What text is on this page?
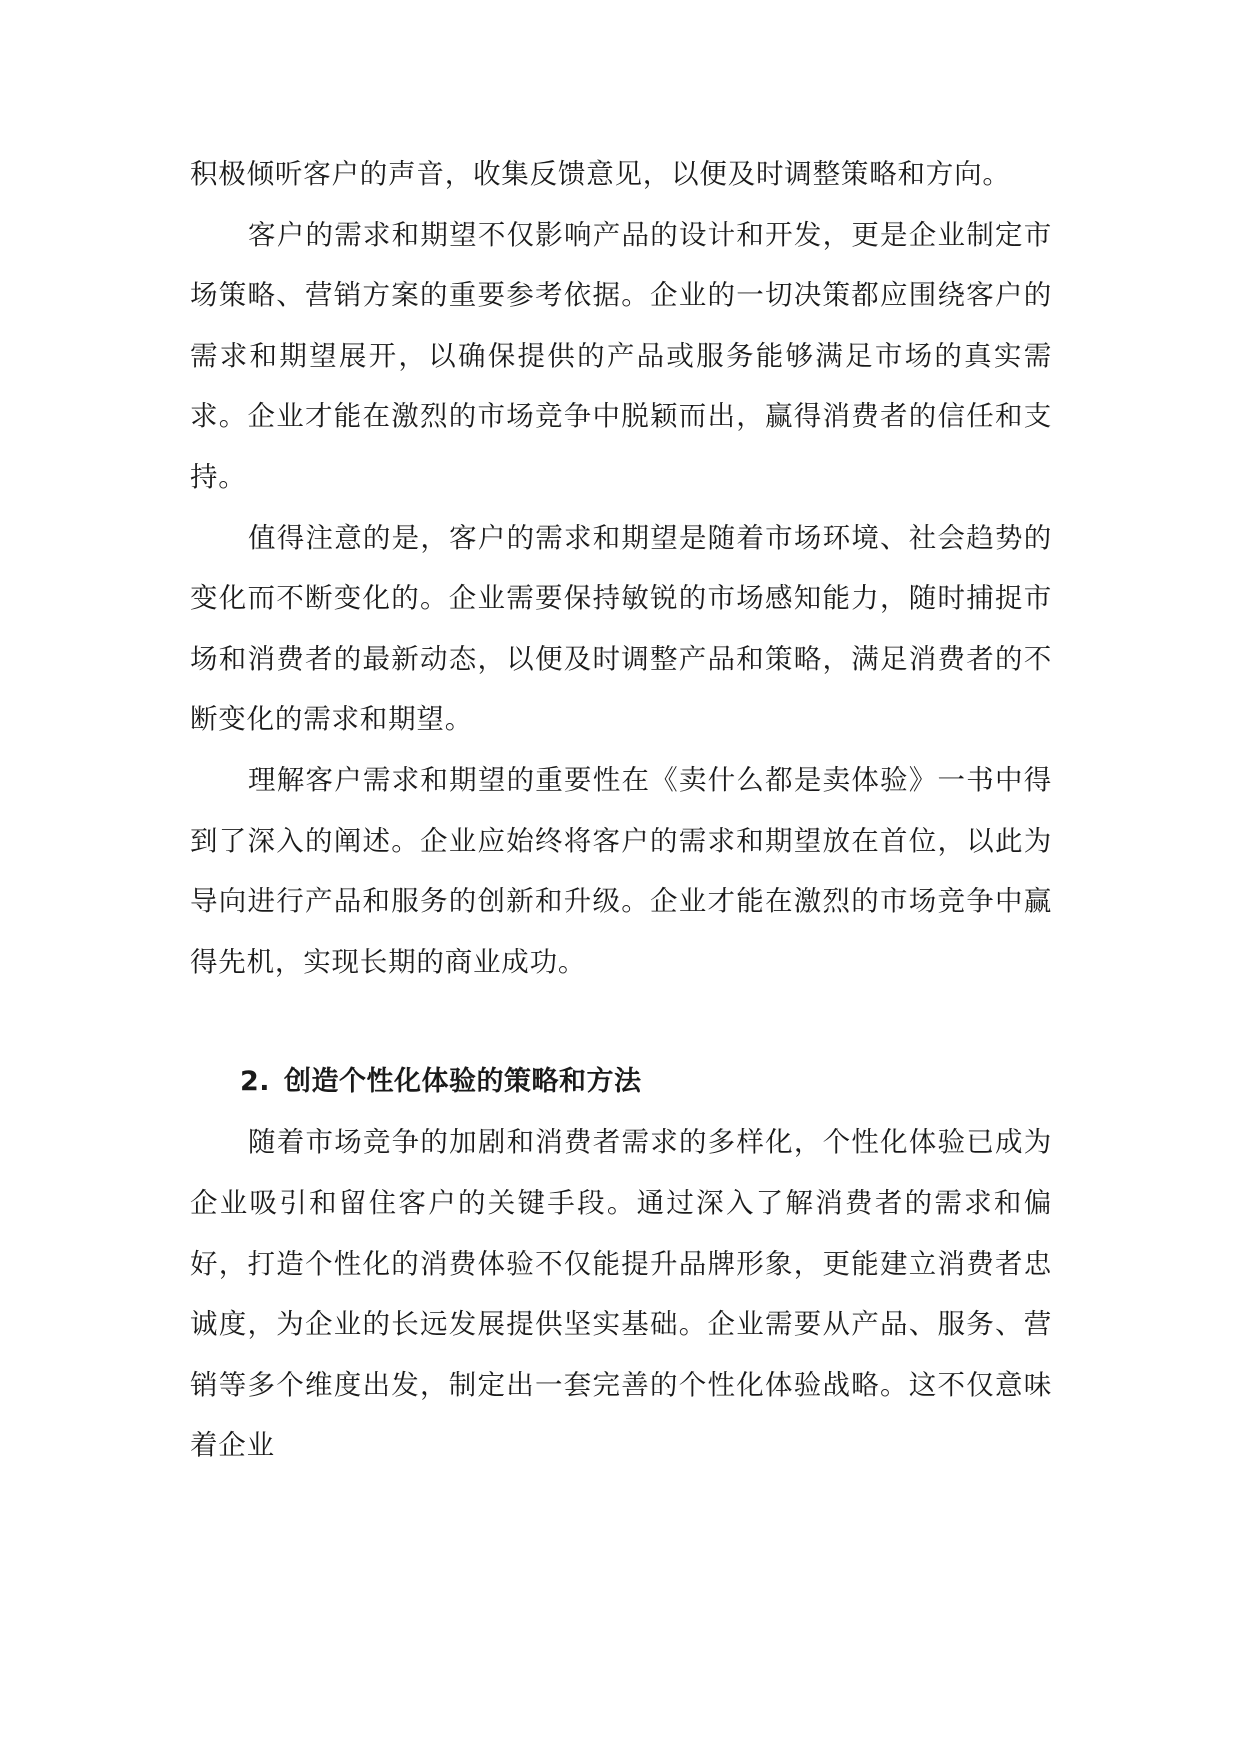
积极倾听客户的声音，收集反馈意见，以便及时调整策略和方向。

客户的需求和期望不仅影响产品的设计和开发，更是企业制定市场策略、营销方案的重要参考依据。企业的一切决策都应围绕客户的需求和期望展开，以确保提供的产品或服务能够满足市场的真实需求。企业才能在激烈的市场竞争中脱颖而出，赢得消费者的信任和支持。

值得注意的是，客户的需求和期望是随着市场环境、社会趋势的变化而不断变化的。企业需要保持敏锐的市场感知能力，随时捕捉市场和消费者的最新动态，以便及时调整产品和策略，满足消费者的不断变化的需求和期望。

理解客户需求和期望的重要性在《卖什么都是卖体验》一书中得到了深入的阐述。企业应始终将客户的需求和期望放在首位，以此为导向进行产品和服务的创新和升级。企业才能在激烈的市场竞争中赢得先机，实现长期的商业成功。

2. 创造个性化体验的策略和方法

随着市场竞争的加剧和消费者需求的多样化，个性化体验已成为企业吸引和留住客户的关键手段。通过深入了解消费者的需求和偏好，打造个性化的消费体验不仅能提升品牌形象，更能建立消费者忠诚度，为企业的长远发展提供坚实基础。企业需要从产品、服务、营销等多个维度出发，制定出一套完善的个性化体验战略。这不仅意味着企业
